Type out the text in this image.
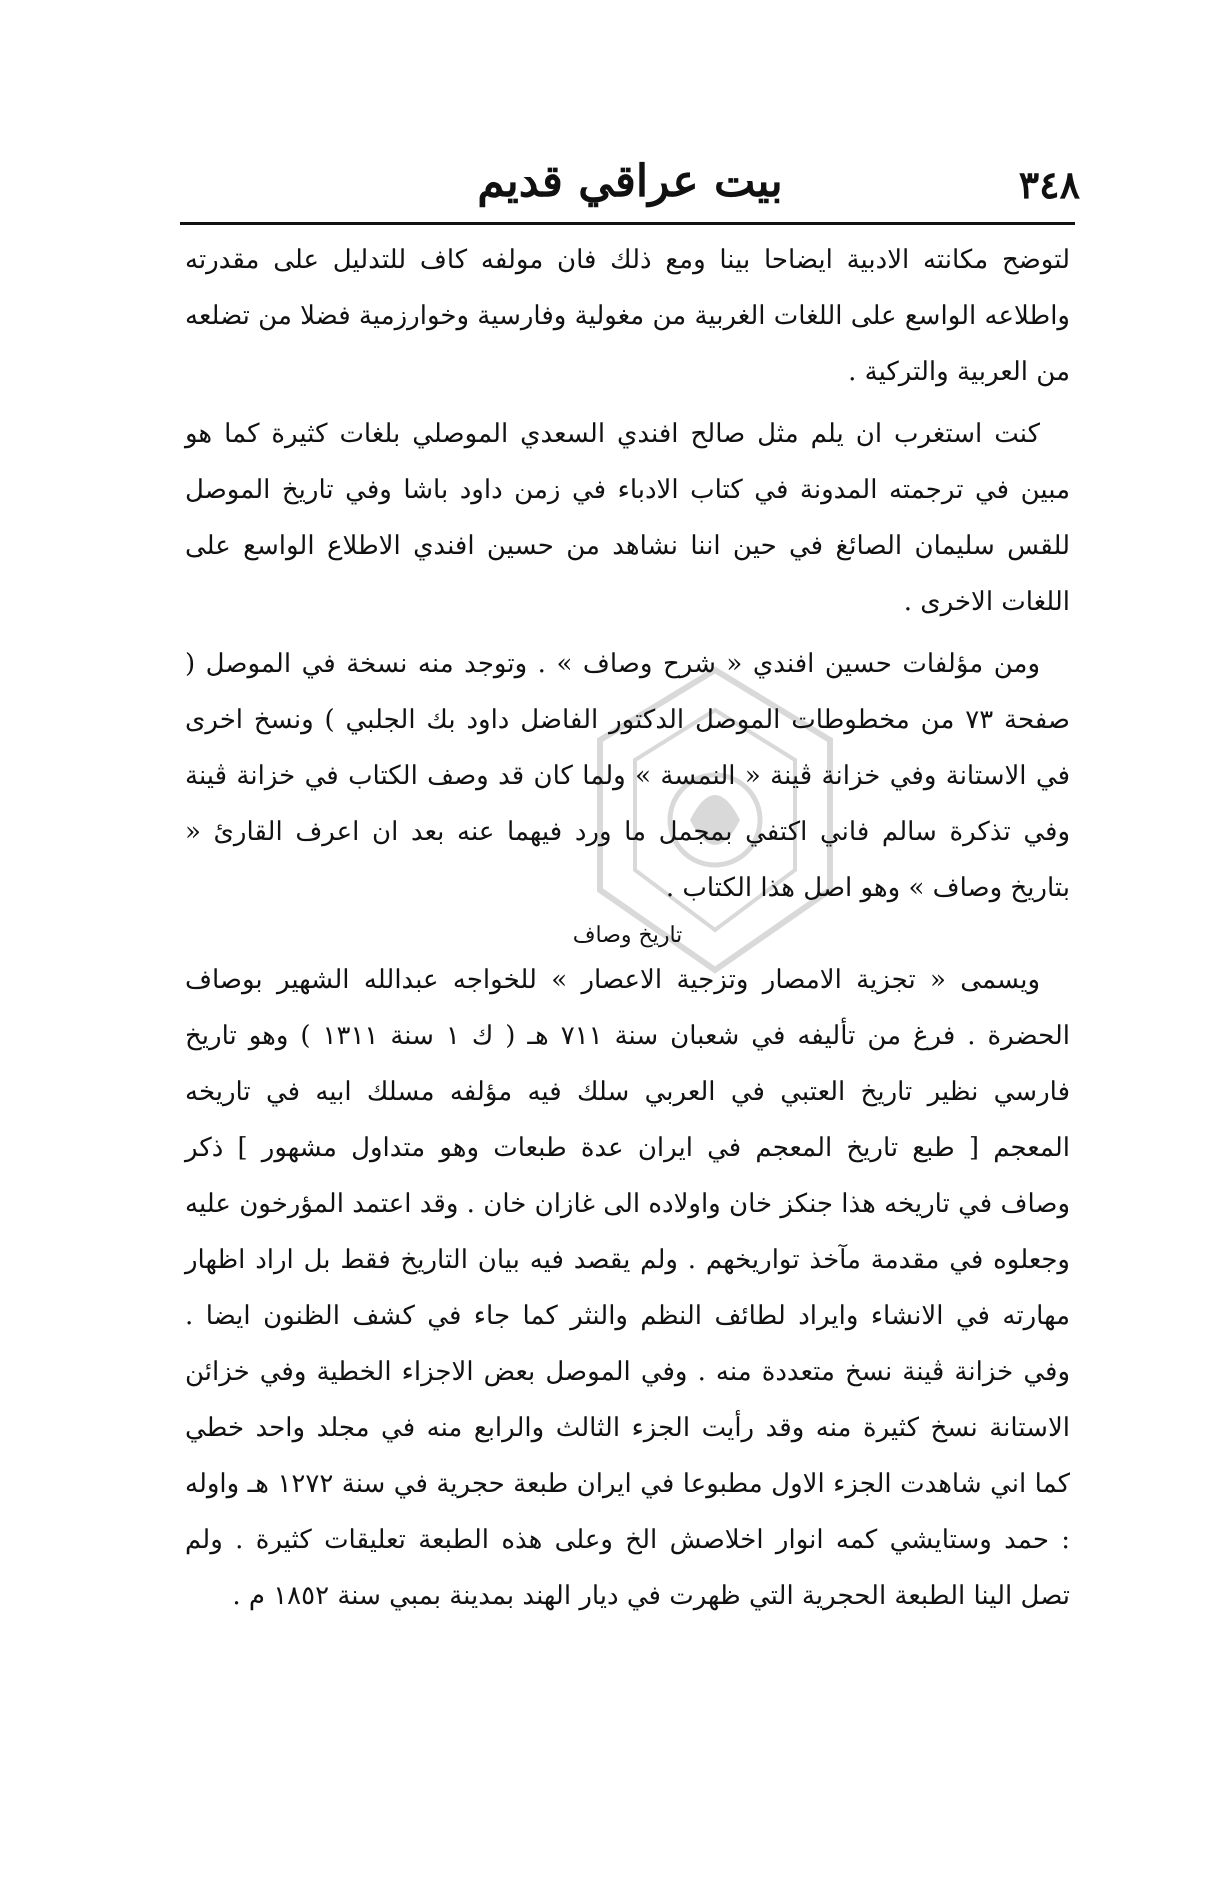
٣٤٨
بيت عراقي قديم

لتوضح مكانته الادبية ايضاحا بينا ومع ذلك فان مولفه كاف للتدليل على مقدرته واطلاعه الواسع على اللغات الغربية من مغولية وفارسية وخوارزمية فضلا من تضلعه من العربية والتركية .

كنت استغرب ان يلم مثل صالح افندي السعدي الموصلي بلغات كثيرة كما هو مبين في ترجمته المدونة في كتاب الادباء في زمن داود باشا وفي تاريخ الموصل للقس سليمان الصائغ في حين اننا نشاهد من حسين افندي الاطلاع الواسع على اللغات الاخرى .

ومن مؤلفات حسين افندي « شرح وصاف » . وتوجد منه نسخة في الموصل ( صفحة ٧٣ من مخطوطات الموصل الدكتور الفاضل داود بك الجلبي ) ونسخ اخرى في الاستانة وفي خزانة ڤينة « النمسة » ولما كان قد وصف الكتاب في خزانة ڤينة وفي تذكرة سالم فاني اكتفي بمجمل ما ورد فيهما عنه بعد ان اعرف القارئ « بتاريخ وصاف » وهو اصل هذا الكتاب .

تاريخ وصاف

ويسمى « تجزية الامصار وتزجية الاعصار » للخواجه عبدالله الشهير بوصاف الحضرة . فرغ من تأليفه في شعبان سنة ٧١١ هـ ( ك ١ سنة ١٣١١ ) وهو تاريخ فارسي نظير تاريخ العتبي في العربي سلك فيه مؤلفه مسلك ابيه في تاريخه المعجم [ طبع تاريخ المعجم في ايران عدة طبعات وهو متداول مشهور ] ذكر وصاف في تاريخه هذا جنكز خان واولاده الى غازان خان . وقد اعتمد المؤرخون عليه وجعلوه في مقدمة مآخذ تواريخهم . ولم يقصد فيه بيان التاريخ فقط بل اراد اظهار مهارته في الانشاء وايراد لطائف النظم والنثر كما جاء في كشف الظنون ايضا . وفي خزانة ڤينة نسخ متعددة منه . وفي الموصل بعض الاجزاء الخطية وفي خزائن الاستانة نسخ كثيرة منه وقد رأيت الجزء الثالث والرابع منه في مجلد واحد خطي كما اني شاهدت الجزء الاول مطبوعا في ايران طبعة حجرية في سنة ١٢٧٢ هـ واوله : حمد وستايشي كمه انوار اخلاصش الخ وعلى هذه الطبعة تعليقات كثيرة . ولم تصل الينا الطبعة الحجرية التي ظهرت في ديار الهند بمدينة بمبي سنة ١٨٥٢ م .
